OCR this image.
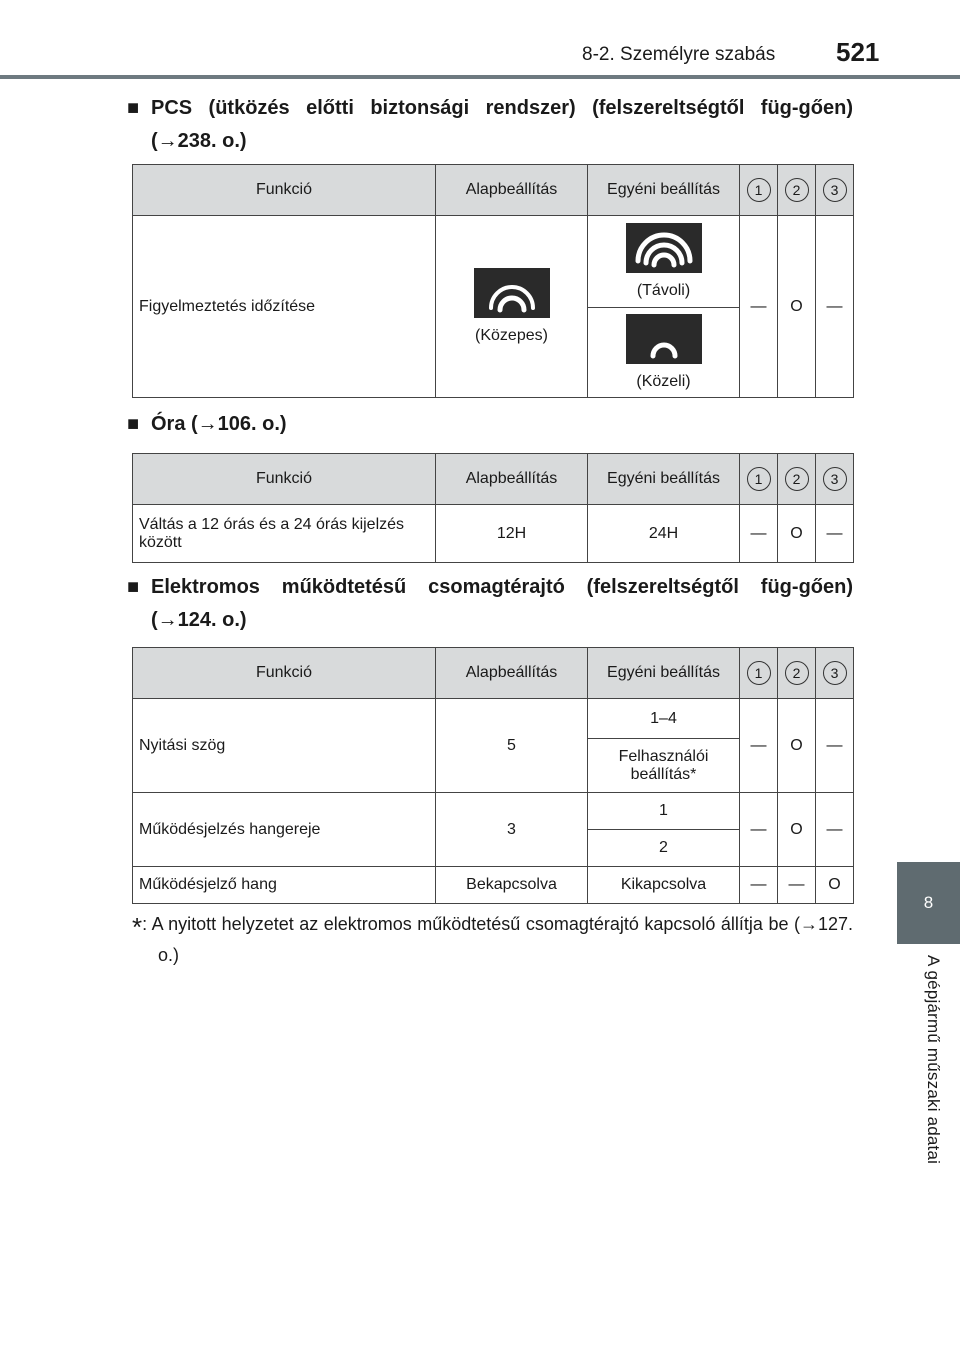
8-2. Személyre szabás 521
8
A gépjármű műszaki adatai
■ PCS (ütközés előtti biztonsági rendszer) (felszereltségtől füg-gően) (→238. o.)
Funkció	Alapbeállítás	Egyéni beállítás	1	2	3
Figyelmeztetés időzítése	(Közepes)	(Távoli)	—	O	—

		(Közeli)			
■ Óra (→106. o.)
Funkció	Alapbeállítás	Egyéni beállítás	1	2	3
Váltás a 12 órás és a 24 órás kijelzés között	12H	24H	—	O	—
■ Elektromos működtetésű csomagtérajtó (felszereltségtől füg-gően) (→124. o.)
Funkció	Alapbeállítás	Egyéni beállítás	1	2	3
Nyitási szög	5	1–4	—	O	—
		Felhasználói beállítás*			
Működésjelzés hangereje	3	1	—	O	—
		2			
Működésjelző hang	Bekapcsolva	Kikapcsolva	—	—	O
*: A nyitott helyzetet az elektromos működtetésű csomagtérajtó kapcsoló állítja be (→127. o.)
